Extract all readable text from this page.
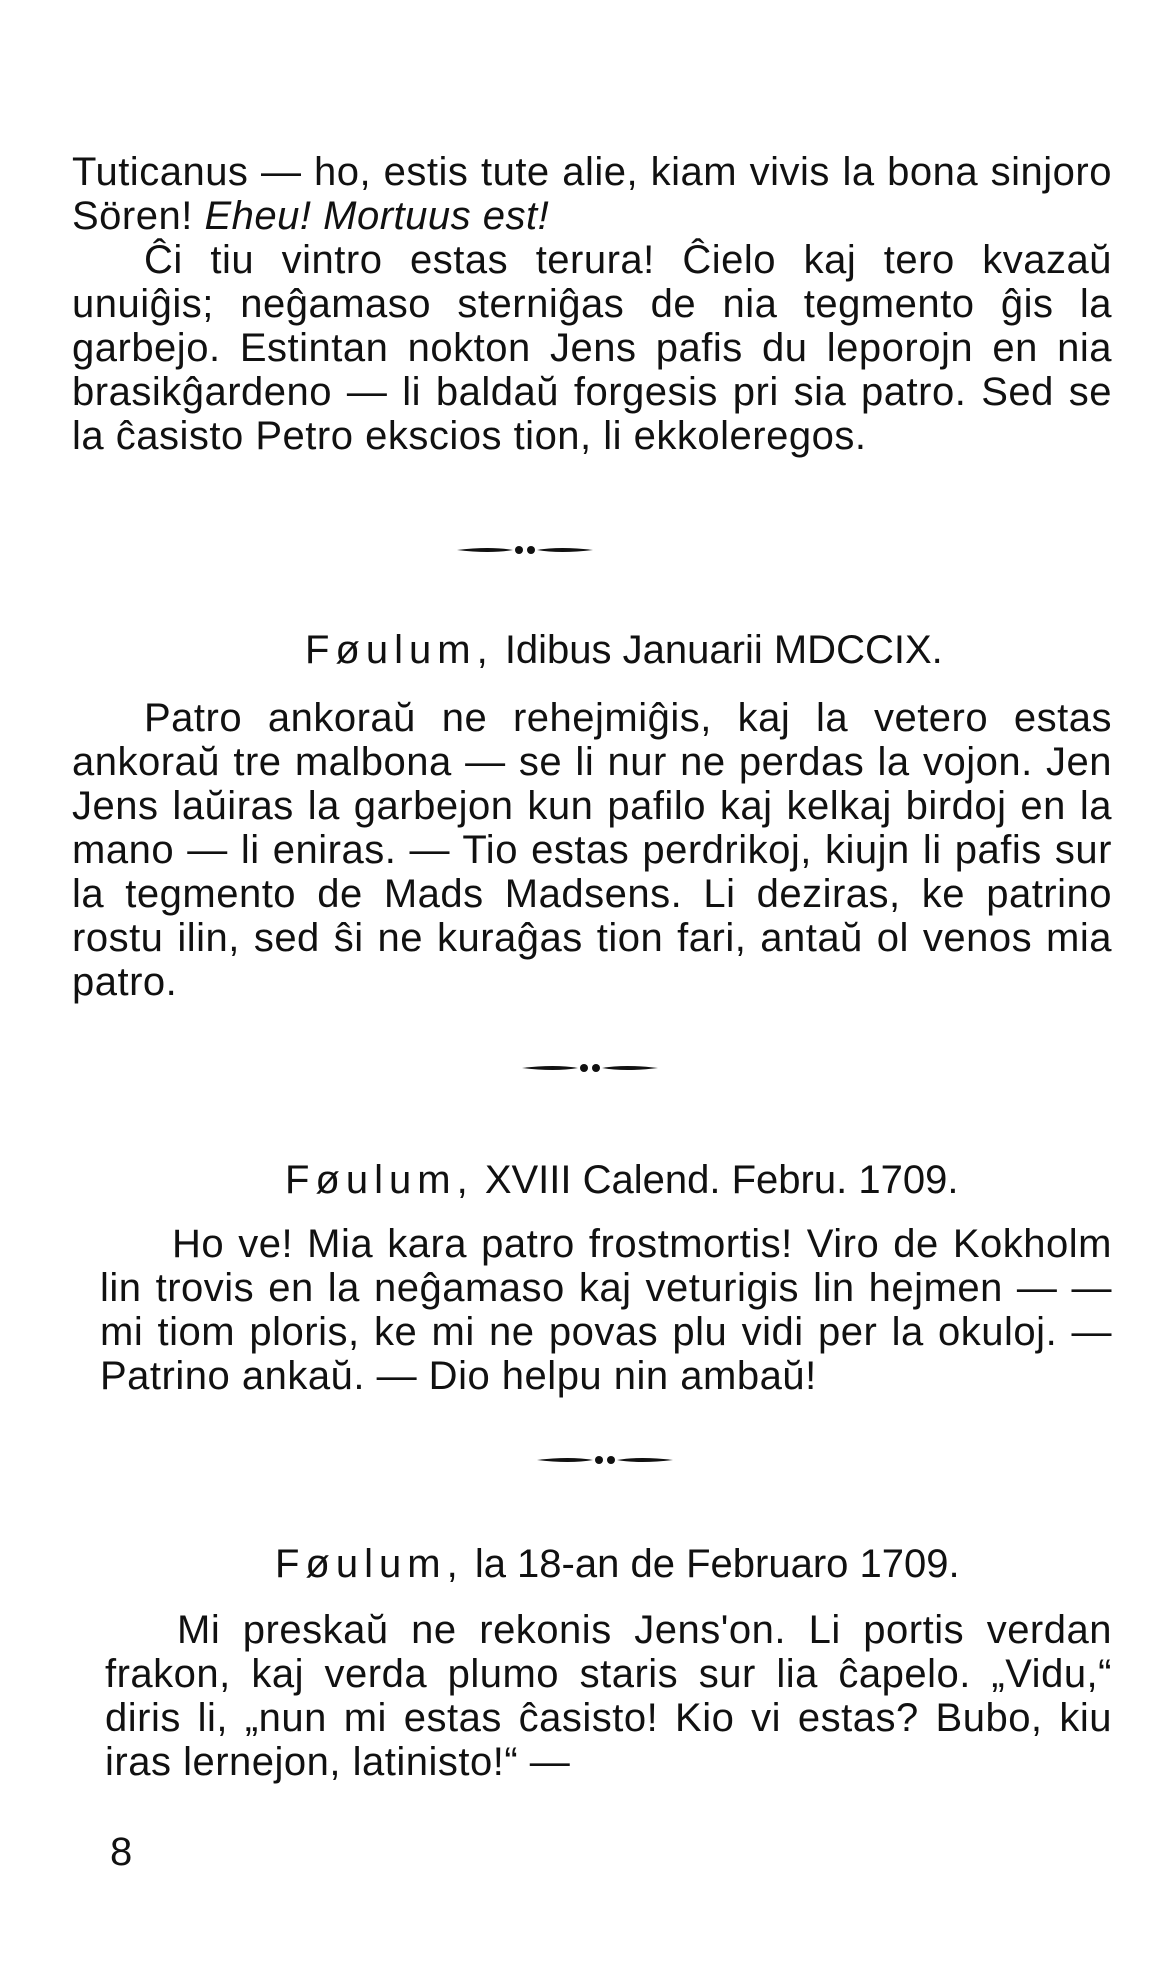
Tuticanus — ho, estis tute alie, kiam vivis la bona sinjoro Sören! Eheu! Mortuus est!

Ĉi tiu vintro estas terura! Ĉielo kaj tero kvazaŭ unuiĝis; neĝamaso sterniĝas de nia tegmento ĝis la garbejo. Estintan nokton Jens pafis du leporojn en nia brasikĝardeno — li baldaŭ forgesis pri sia patro. Sed se la ĉasisto Petro ekscios tion, li ekkoleregos.

Føulum, Idibus Januarii MDCCIX.

Patro ankoraŭ ne rehejmiĝis, kaj la vetero estas ankoraŭ tre malbona — se li nur ne perdas la vojon. Jen Jens laŭiras la garbejon kun pafilo kaj kelkaj birdoj en la mano — li eniras. — Tio estas perdrikoj, kiujn li pafis sur la tegmento de Mads Madsens. Li deziras, ke patrino rostu ilin, sed ŝi ne kuraĝas tion fari, antaŭ ol venos mia patro.

Føulum, XVIII Calend. Febru. 1709.

Ho ve! Mia kara patro frostmortis! Viro de Kokholm lin trovis en la neĝamaso kaj veturigis lin hejmen — — mi tiom ploris, ke mi ne povas plu vidi per la okuloj. — Patrino ankaŭ. — Dio helpu nin ambaŭ!

Føulum, la 18-an de Februaro 1709.

Mi preskaŭ ne rekonis Jens'on. Li portis verdan frakon, kaj verda plumo staris sur lia ĉapelo. „Vidu,“ diris li, „nun mi estas ĉasisto! Kio vi estas? Bubo, kiu iras lernejon, latinisto!“ —

8
